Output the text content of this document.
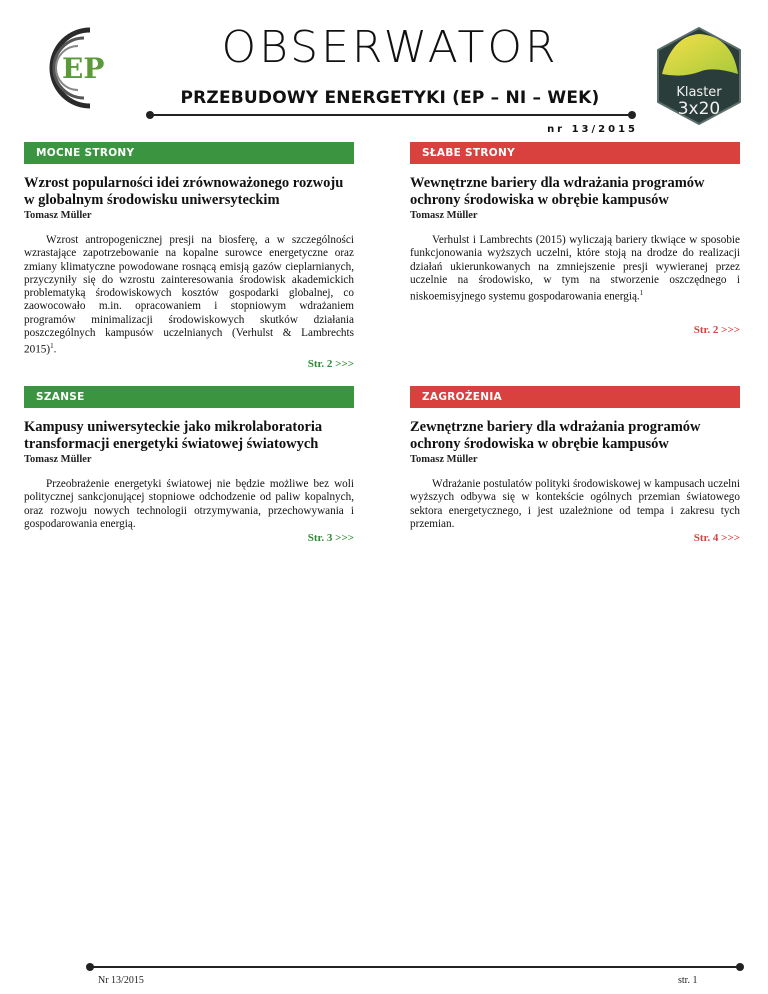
EP	OBSERWATOR
PRZEBUDOWY ENERGETYKI (EP – NI – WEK)
nr 13/2015
Klaster
3x20
MOCNE STRONY
Wzrost popularności idei zrównoważonego rozwoju w globalnym środowisku uniwersyteckim
Tomasz Müller
Wzrost antropogenicznej presji na biosferę, a w szczególności wzrastające zapotrzebowanie na kopalne surowce energetyczne oraz zmiany klimatyczne powodowane rosnącą emisją gazów cieplarnianych, przyczyniły się do wzrostu zainteresowania środowisk akademickich problematyką środowiskowych kosztów gospodarki globalnej, co zaowocowało m.in. opracowaniem i stopniowym wdrażaniem programów minimalizacji środowiskowych skutków działania poszczególnych kampusów uczelnianych (Verhulst & Lambrechts 2015)$^1$.
Str. 2 >>>
SŁABE STRONY
Wewnętrzne bariery dla wdrażania programów ochrony środowiska w obrębie kampusów
Tomasz Müller
Verhulst i Lambrechts (2015) wyliczają bariery tkwiące w sposobie funkcjonowania wyższych uczelni, które stoją na drodze do realizacji działań ukierunkowanych na zmniejszenie presji wywieranej przez uczelnie na środowisko, w tym na stworzenie oszczędnego i niskoemisyjnego systemu gospodarowania energią.$^1$
Str. 2 >>>
SZANSE
Kampusy uniwersyteckie jako mikrolaboratoria transformacji energetyki światowej światowych
Tomasz Müller
Przeobrażenie energetyki światowej nie będzie możliwe bez woli politycznej sankcjonującej stopniowe odchodzenie od paliw kopalnych, oraz rozwoju nowych technologii otrzymywania, przechowywania i gospodarowania energią.
Str. 3 >>>
ZAGROŻENIA
Zewnętrzne bariery dla wdrażania programów ochrony środowiska w obrębie kampusów
Tomasz Müller
Wdrażanie postulatów polityki środowiskowej w kampusach uczelni wyższych odbywa się w kontekście ogólnych przemian światowego sektora energetycznego, i jest uzależnione od tempa i zakresu tych przemian.
Str. 4 >>>
Nr 13/2015	str. 1
